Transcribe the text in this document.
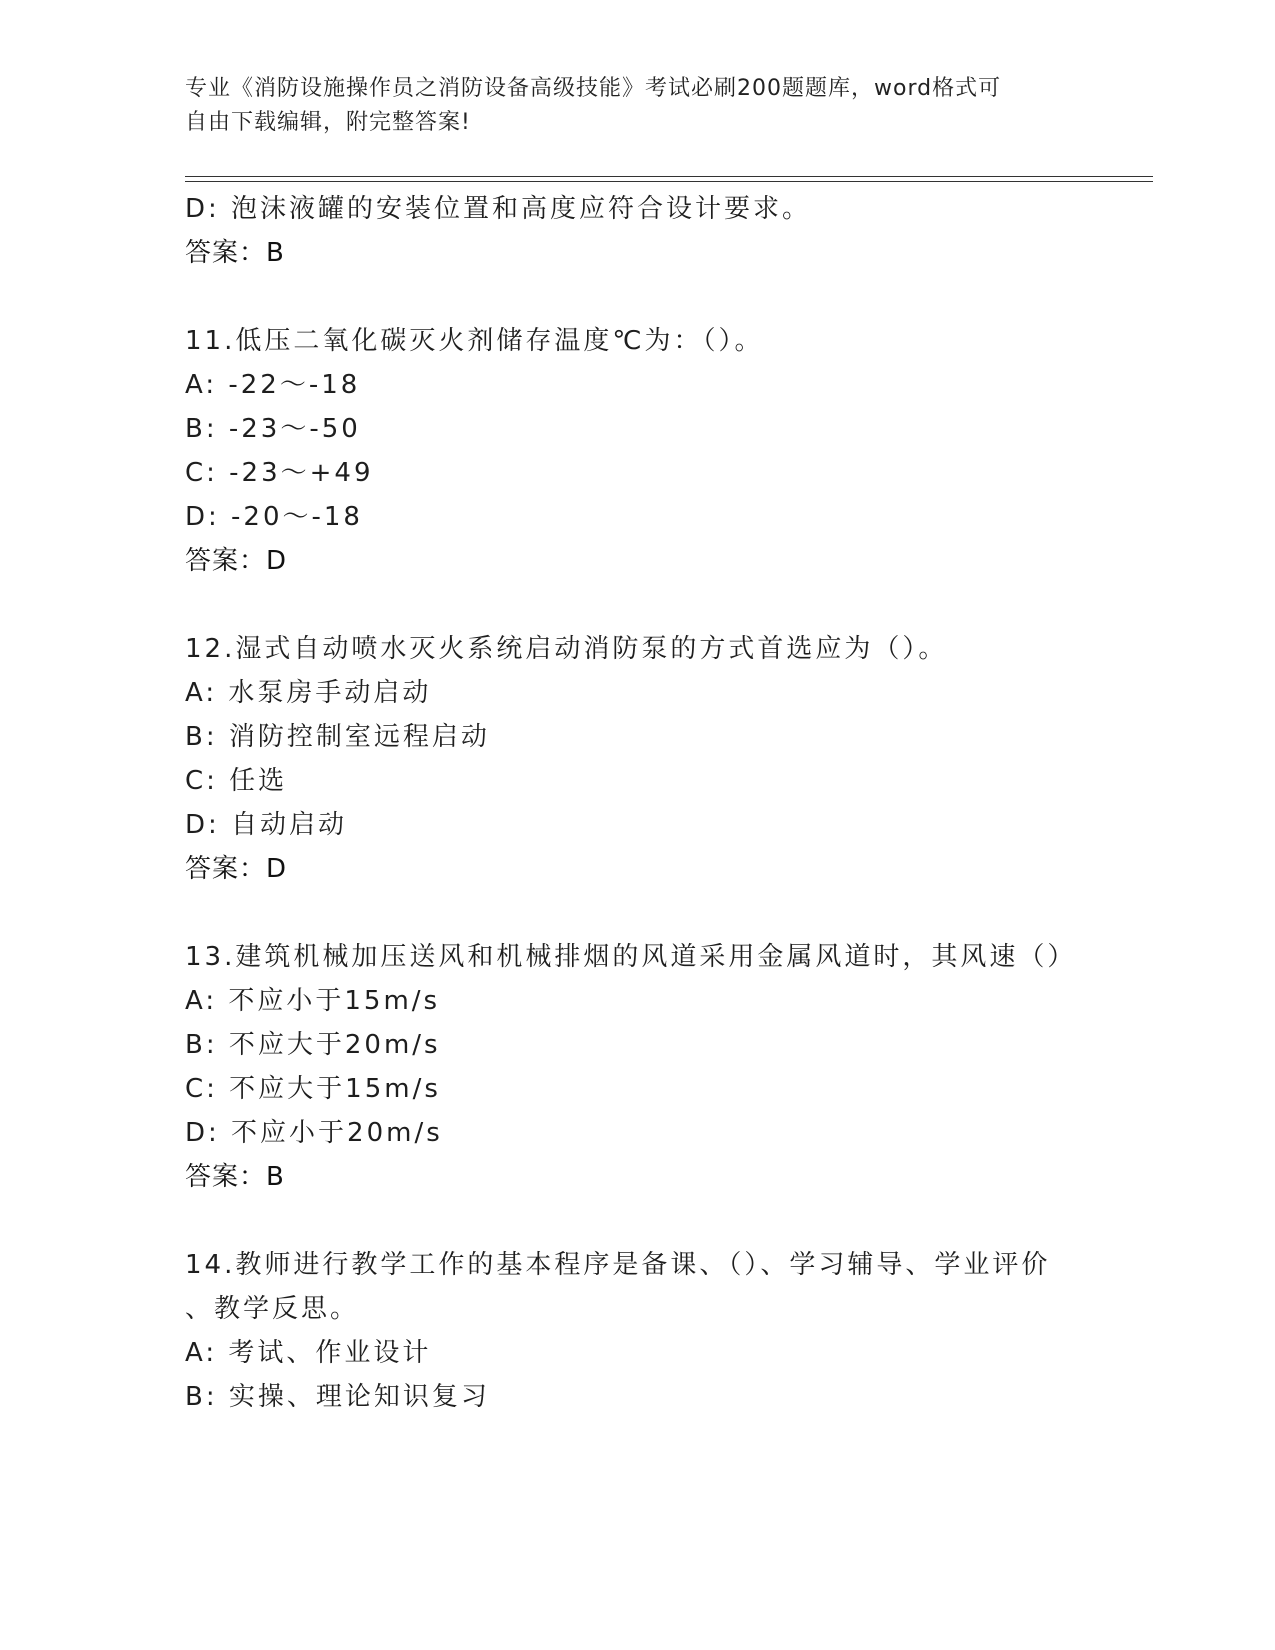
专业《消防设施操作员之消防设备高级技能》考试必刷200题题库，word格式可
自由下载编辑，附完整答案!
D: 泡沫液罐的安装位置和高度应符合设计要求。
答案：B
11.低压二氧化碳灭火剂储存温度℃为：（）。
A: -22～-18
B: -23～-50
C: -23～+49
D: -20～-18
答案：D
12.湿式自动喷水灭火系统启动消防泵的方式首选应为（）。
A: 水泵房手动启动
B: 消防控制室远程启动
C: 任选
D: 自动启动
答案：D
13.建筑机械加压送风和机械排烟的风道采用金属风道时，其风速（）
A: 不应小于15m/s
B: 不应大于20m/s
C: 不应大于15m/s
D: 不应小于20m/s
答案：B
14.教师进行教学工作的基本程序是备课、（）、学习辅导、学业评价
、教学反思。
A: 考试、作业设计
B: 实操、理论知识复习
